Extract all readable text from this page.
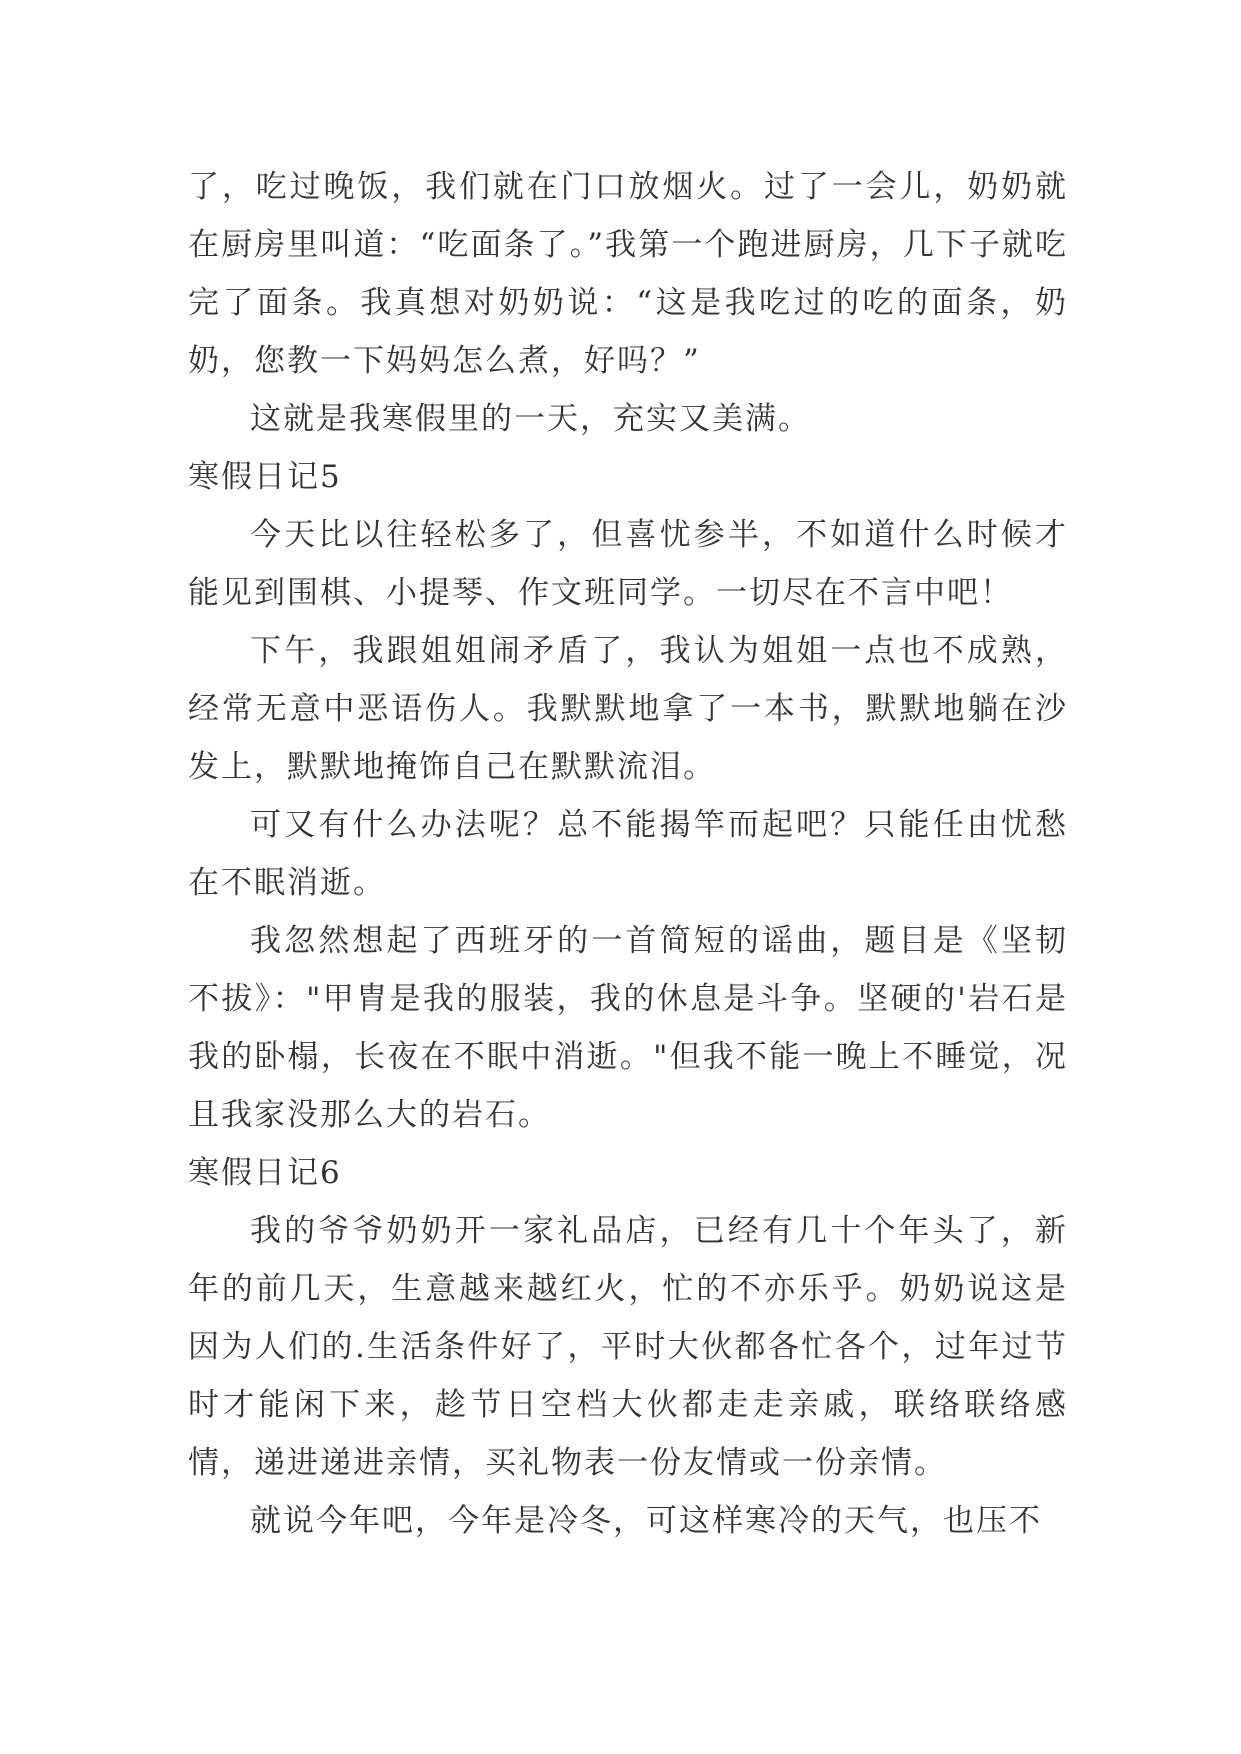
了，吃过晚饭，我们就在门口放烟火。过了一会儿，奶奶就在厨房里叫道：“吃面条了。”我第一个跑进厨房，几下子就吃完了面条。我真想对奶奶说：“这是我吃过的吃的面条，奶奶，您教一下妈妈怎么煮，好吗？”

这就是我寒假里的一天，充实又美满。

寒假日记5

今天比以往轻松多了，但喜忧参半，不如道什么时候才能见到围棋、小提琴、作文班同学。一切尽在不言中吧！

下午，我跟姐姐闹矛盾了，我认为姐姐一点也不成熟，经常无意中恶语伤人。我默默地拿了一本书，默默地躺在沙发上，默默地掩饰自己在默默流泪。

可又有什么办法呢？总不能揭竿而起吧？只能任由忧愁在不眠消逝。

我忽然想起了西班牙的一首简短的谣曲，题目是《坚韧不拔》："甲胄是我的服装，我的休息是斗争。坚硬的'岩石是我的卧榻，长夜在不眠中消逝。"但我不能一晚上不睡觉，况且我家没那么大的岩石。

寒假日记6

我的爷爷奶奶开一家礼品店，已经有几十个年头了，新年的前几天，生意越来越红火，忙的不亦乐乎。奶奶说这是因为人们的.生活条件好了，平时大伙都各忙各个，过年过节时才能闲下来，趁节日空档大伙都走走亲戚，联络联络感情，递进递进亲情，买礼物表一份友情或一份亲情。

就说今年吧，今年是冷冬，可这样寒冷的天气，也压不
